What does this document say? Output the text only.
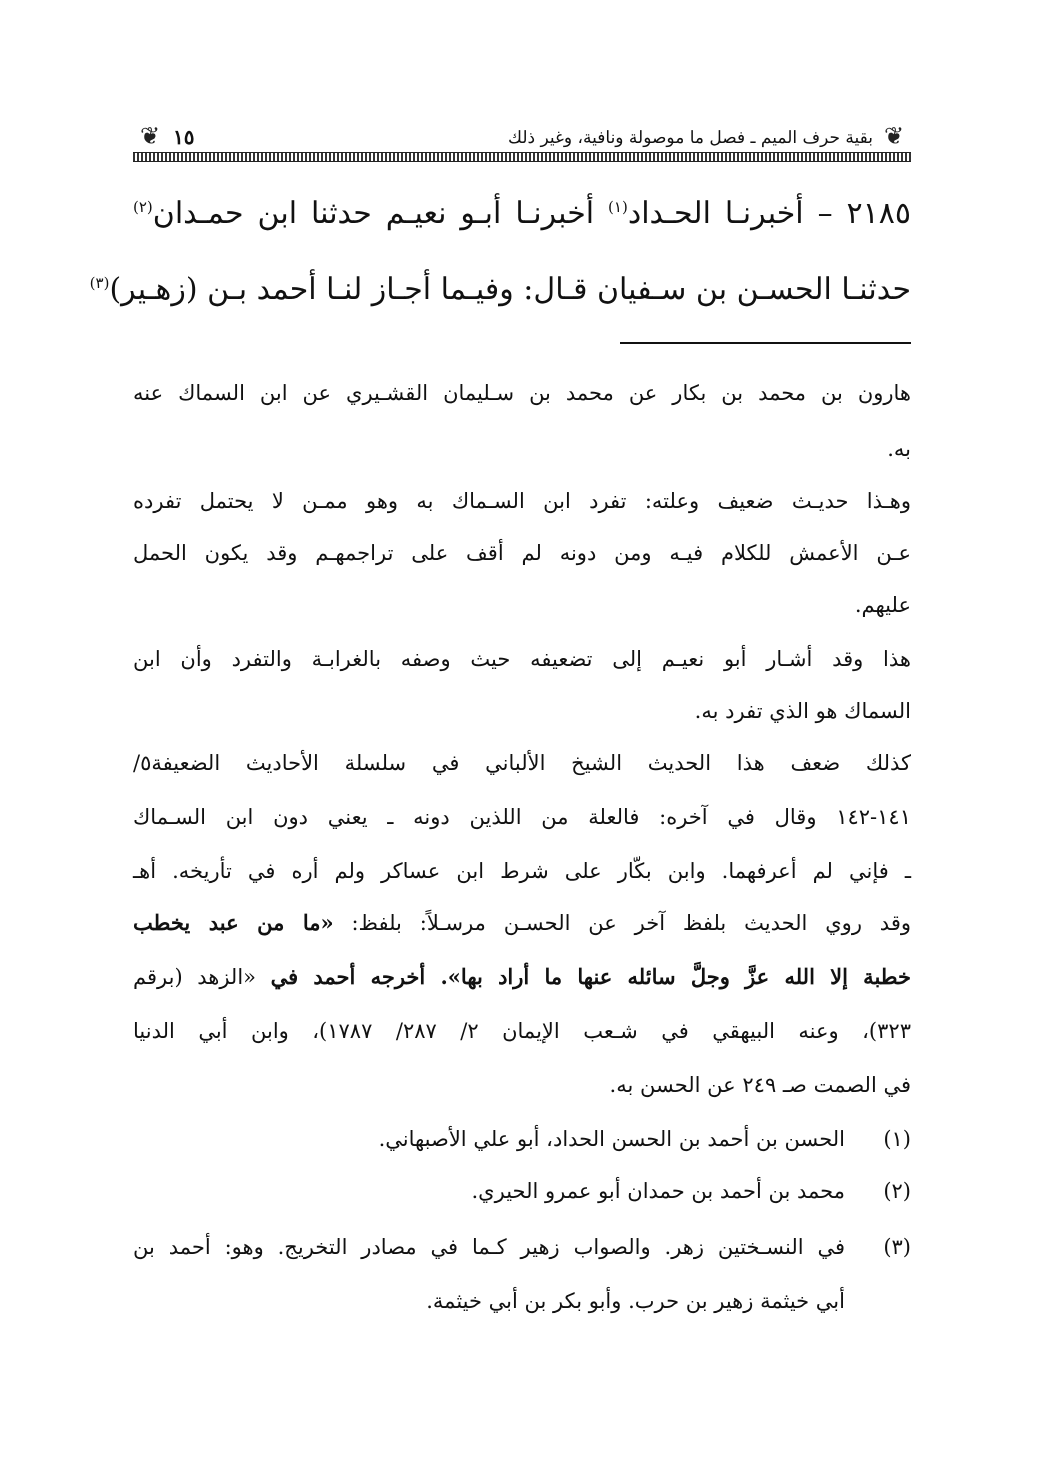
❦
بقية حرف الميم ـ فصل ما موصولة ونافية، وغير ذلك
١٥
❦
٢١٨٥ – أخبرنـا الحـداد$^{(١)}$ أخبرنـا أبـو نعيـم حدثنا ابن حمـدان$^{(٢)}$
حدثنـا الحسـن بن سـفيان قـال: وفيـما أجـاز لنـا أحمد بـن (زهـير)$^{(٣)}$
هارون بن محمد بن بكار عن محمد بن سـليمان القشـيري عن ابن السماك عنه
به.
وهـذا حديـث ضعيف وعلته: تفرد ابن السـماك به وهو ممـن لا يحتمل تفرده
عـن الأعمش للكلام فيـه ومن دونه لم أقف على تراجمهـم وقد يكون الحمل
عليهم.
هذا وقد أشـار أبو نعيـم إلى تضعيفه حيث وصفه بالغرابـة والتفرد وأن ابن
السماك هو الذي تفرد به.
كذلك ضعف هذا الحديث الشيخ الألباني في سلسلة الأحاديث الضعيفة٥/
١٤١-١٤٢ وقال في آخره: فالعلة من اللذين دونه ـ يعني دون ابن السـماك
ـ فإني لم أعرفهما. وابن بكّار على شرط ابن عساكر ولم أره في تأريخه. أهـ
وقد روي الحديث بلفظ آخر عن الحسـن مرسـلاً: بلفظ: «ما من عبد يخطب
خطبة إلا الله عزَّ وجلَّ سائله عنها ما أراد بها». أخرجه أحمد في «الزهد (برقم
٣٢٣)، وعنه البيهقي في شـعب الإيمان ٢/ ٢٨٧/ ١٧٨٧)، وابن أبي الدنيا
في الصمت صـ ٢٤٩ عن الحسن به.
(١)
الحسن بن أحمد بن الحسن الحداد، أبو علي الأصبهاني.
(٢)
محمد بن أحمد بن حمدان أبو عمرو الحيري.
(٣)
في النسـختين زهر. والصواب زهير كـما في مصادر التخريج. وهو: أحمد بن
أبي خيثمة زهير بن حرب. وأبو بكر بن أبي خيثمة.
